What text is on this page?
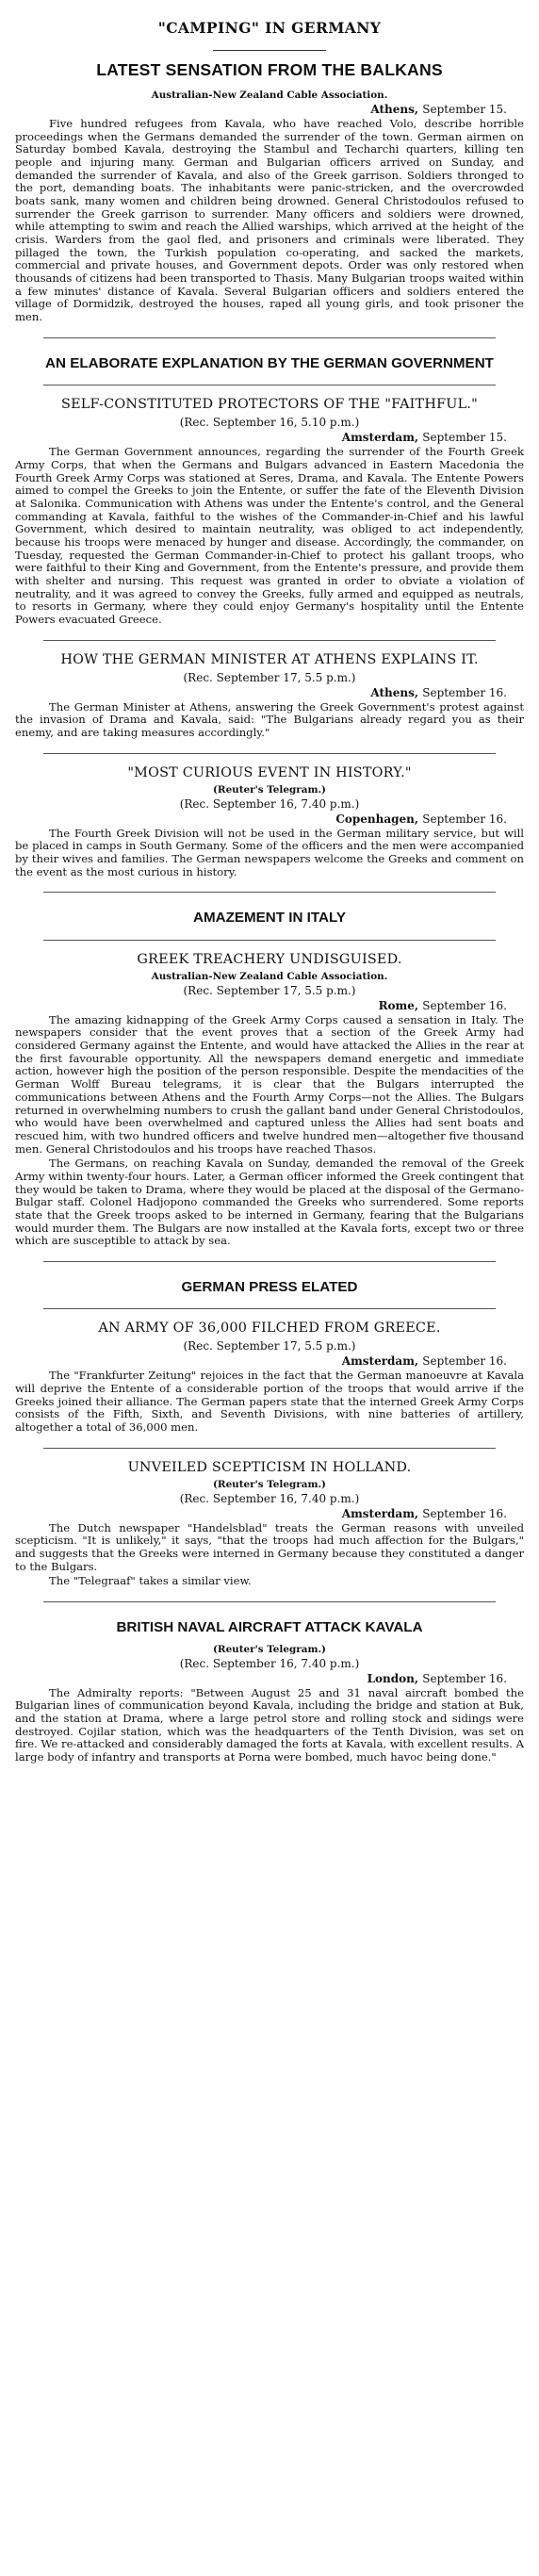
"CAMPING" IN GERMANY
LATEST SENSATION FROM THE BALKANS
Australian-New Zealand Cable Association.
Athens, September 15.

Five hundred refugees from Kavala, who have reached Volo, describe horrible proceedings when the Germans demanded the surrender of the town. German airmen on Saturday bombed Kavala, destroying the Stambul and Techarchi quarters, killing ten people and injuring many. German and Bulgarian officers arrived on Sunday, and demanded the surrender of Kavala, and also of the Greek garrison. Soldiers thronged to the port, demanding boats. The inhabitants were panic-stricken, and the overcrowded boats sank, many women and children being drowned. General Christodoulos refused to surrender the Greek garrison to surrender. Many officers and soldiers were drowned, while attempting to swim and reach the Allied warships, which arrived at the height of the crisis. Warders from the gaol fled, and prisoners and criminals were liberated. They pillaged the town, the Turkish population co-operating, and sacked the markets, commercial and private houses, and Government depots. Order was only restored when thousands of citizens had been transported to Thasis. Many Bulgarian troops waited within a few minutes' distance of Kavala. Several Bulgarian officers and soldiers entered the village of Dormidzik, destroyed the houses, raped all young girls, and took prisoner the men.

AN ELABORATE EXPLANATION BY THE GERMAN GOVERNMENT
SELF-CONSTITUTED PROTECTORS OF THE "FAITHFUL."
(Rec. September 16, 5.10 p.m.)
Amsterdam, September 15.

The German Government announces, regarding the surrender of the Fourth Greek Army Corps, that when the Germans and Bulgars advanced in Eastern Macedonia the Fourth Greek Army Corps was stationed at Seres, Drama, and Kavala. The Entente Powers aimed to compel the Greeks to join the Entente, or suffer the fate of the Eleventh Division at Salonika. Communication with Athens was under the Entente's control, and the General commanding at Kavala, faithful to the wishes of the Commander-in-Chief and his lawful Government, which desired to maintain neutrality, was obliged to act independently, because his troops were menaced by hunger and disease. Accordingly, the commander, on Tuesday, requested the German Commander-in-Chief to protect his gallant troops, who were faithful to their King and Government, from the Entente's pressure, and provide them with shelter and nursing. This request was granted in order to obviate a violation of neutrality, and it was agreed to convey the Greeks, fully armed and equipped as neutrals, to resorts in Germany, where they could enjoy Germany's hospitality until the Entente Powers evacuated Greece.

HOW THE GERMAN MINISTER AT ATHENS EXPLAINS IT.
(Rec. September 17, 5.5 p.m.)
Athens, September 16.

The German Minister at Athens, answering the Greek Government's protest against the invasion of Drama and Kavala, said: "The Bulgarians already regard you as their enemy, and are taking measures accordingly."

"MOST CURIOUS EVENT IN HISTORY."
(Reuter's Telegram.)
(Rec. September 16, 7.40 p.m.)
Copenhagen, September 16.

The Fourth Greek Division will not be used in the German military service, but will be placed in camps in South Germany. Some of the officers and the men were accompanied by their wives and families. The German newspapers welcome the Greeks and comment on the event as the most curious in history.

AMAZEMENT IN ITALY
GREEK TREACHERY UNDISGUISED.
Australian-New Zealand Cable Association.
(Rec. September 17, 5.5 p.m.)
Rome, September 16.

The amazing kidnapping of the Greek Army Corps caused a sensation in Italy. The newspapers consider that the event proves that a section of the Greek Army had considered Germany against the Entente, and would have attacked the Allies in the rear at the first favourable opportunity. All the newspapers demand energetic and immediate action, however high the position of the person responsible. Despite the mendacities of the German Wolff Bureau telegrams, it is clear that the Bulgars interrupted the communications between Athens and the Fourth Army Corps—not the Allies. The Bulgars returned in overwhelming numbers to crush the gallant band under General Christodoulos, who would have been overwhelmed and captured unless the Allies had sent boats and rescued him, with two hundred officers and twelve hundred men—altogether five thousand men. General Christodoulos and his troops have reached Thasos.

The Germans, on reaching Kavala on Sunday, demanded the removal of the Greek Army within twenty-four hours. Later, a German officer informed the Greek contingent that they would be taken to Drama, where they would be placed at the disposal of the Germano-Bulgar staff. Colonel Hadjopono commanded the Greeks who surrendered. Some reports state that the Greek troops asked to be interned in Germany, fearing that the Bulgarians would murder them. The Bulgars are now installed at the Kavala forts, except two or three which are susceptible to attack by sea.

GERMAN PRESS ELATED
AN ARMY OF 36,000 FILCHED FROM GREECE.
(Rec. September 17, 5.5 p.m.)
Amsterdam, September 16.

The "Frankfurter Zeitung" rejoices in the fact that the German manoeuvre at Kavala will deprive the Entente of a considerable portion of the troops that would arrive if the Greeks joined their alliance. The German papers state that the interned Greek Army Corps consists of the Fifth, Sixth, and Seventh Divisions, with nine batteries of artillery, altogether a total of 36,000 men.

UNVEILED SCEPTICISM IN HOLLAND.
(Reuter's Telegram.)
(Rec. September 16, 7.40 p.m.)
Amsterdam, September 16.

The Dutch newspaper "Handelsblad" treats the German reasons with unveiled scepticism. "It is unlikely," it says, "that the troops had much affection for the Bulgars," and suggests that the Greeks were interned in Germany because they constituted a danger to the Bulgars.

The "Telegraaf" takes a similar view.

BRITISH NAVAL AIRCRAFT ATTACK KAVALA
(Reuter's Telegram.)
(Rec. September 16, 7.40 p.m.)
London, September 16.

The Admiralty reports: "Between August 25 and 31 naval aircraft bombed the Bulgarian lines of communication beyond Kavala, including the bridge and station at Buk, and the station at Drama, where a large petrol store and rolling stock and sidings were destroyed. Cojilar station, which was the headquarters of the Tenth Division, was set on fire. We re-attacked and considerably damaged the forts at Kavala, with excellent results. A large body of infantry and transports at Porna were bombed, much havoc being done."
